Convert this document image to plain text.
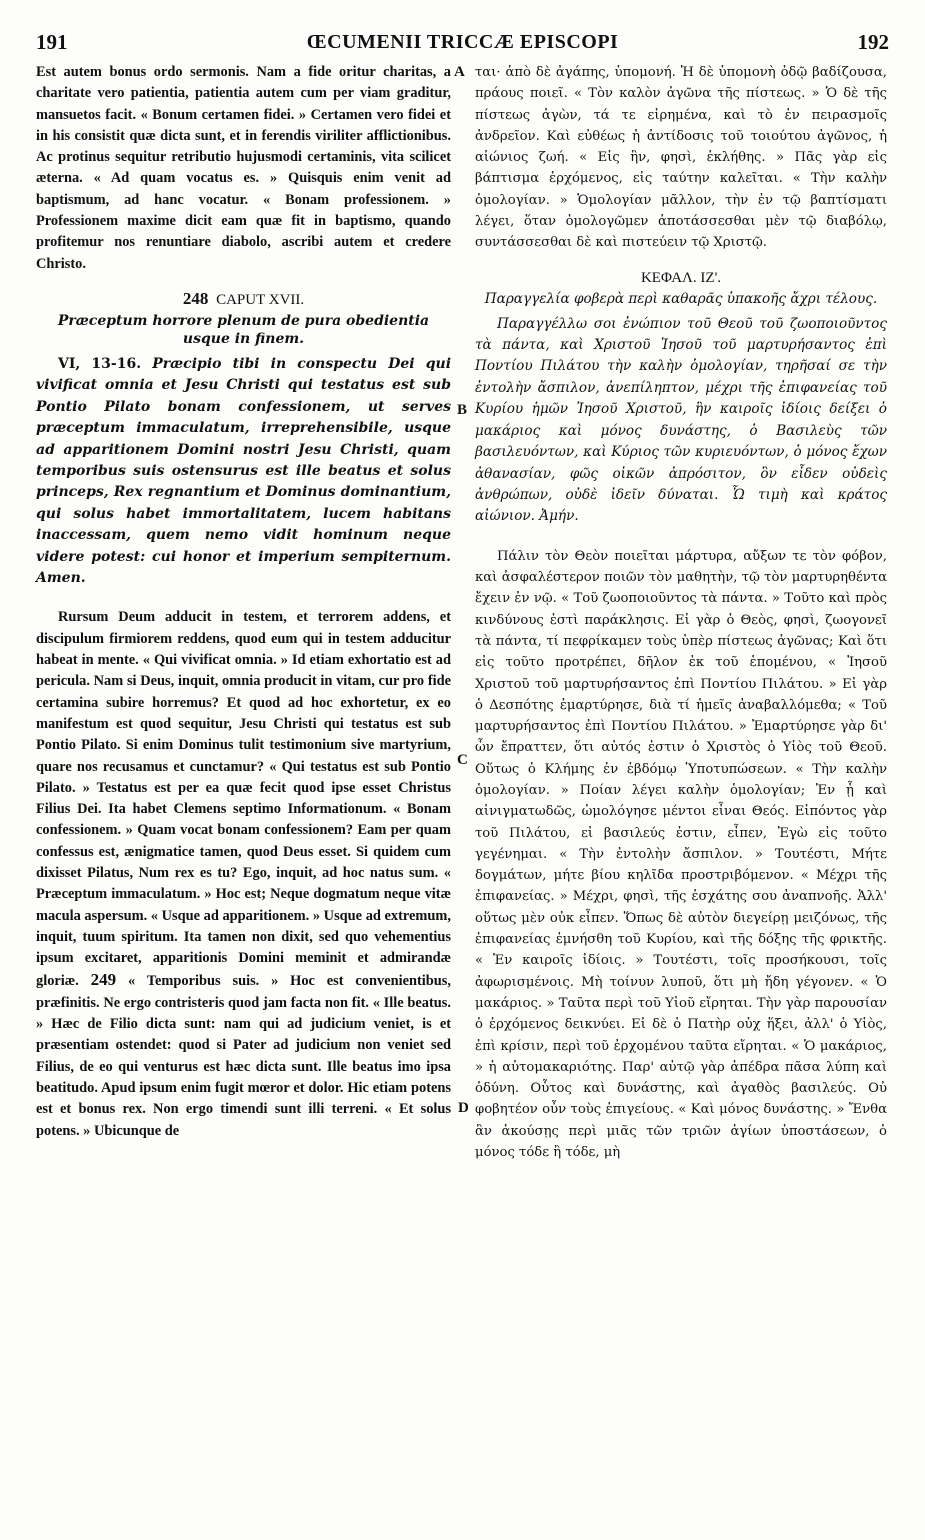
191	ŒCUMENII TRICCÆ EPISCOPI	192
A
B
C
D
Est autem bonus ordo sermonis. Nam a fide oritur charitas, a charitate vero patientia, patientia autem cum per viam graditur, mansuetos facit. « Bonum certamen fidei. » Certamen vero fidei et in his consistit quæ dicta sunt, et in ferendis viriliter afflictionibus. Ac protinus sequitur retributio hujusmodi certaminis, vita scilicet æterna. « Ad quam vocatus es. » Quisquis enim venit ad baptismum, ad hanc vocatur. « Bonam professionem. » Professionem maxime dicit eam quæ fit in baptismo, quando profitemur nos renuntiare diabolo, ascribi autem et credere Christo.
248 CAPUT XVII.
Præceptum horrore plenum de pura obedientia usque in finem.
VI, 13-16. Præcipio tibi in conspectu Dei qui vivificat omnia et Jesu Christi qui testatus est sub Pontio Pilato bonam confessionem, ut serves præceptum immaculatum, irreprehensibile, usque ad apparitionem Domini nostri Jesu Christi, quam temporibus suis ostensurus est ille beatus et solus princeps, Rex regnantium et Dominus dominantium, qui solus habet immortalitatem, lucem habitans inaccessam, quem nemo vidit hominum neque videre potest: cui honor et imperium sempiternum. Amen.
Rursum Deum adducit in testem, et terrorem addens, et discipulum firmiorem reddens, quod eum qui in testem adducitur habeat in mente. « Qui vivificat omnia. » Id etiam exhortatio est ad pericula. Nam si Deus, inquit, omnia producit in vitam, cur pro fide certamina subire horremus? Et quod ad hoc exhortetur, ex eo manifestum est quod sequitur, Jesu Christi qui testatus est sub Pontio Pilato. Si enim Dominus tulit testimonium sive martyrium, quare nos recusamus et cunctamur? « Qui testatus est sub Pontio Pilato. » Testatus est per ea quæ fecit quod ipse esset Christus Filius Dei. Ita habet Clemens septimo Informationum. « Bonam confessionem. » Quam vocat bonam confessionem? Eam per quam confessus est, ænigmatice tamen, quod Deus esset. Si quidem cum dixisset Pilatus, Num rex es tu? Ego, inquit, ad hoc natus sum. « Præceptum immaculatum. » Hoc est; Neque dogmatum neque vitæ macula aspersum. « Usque ad apparitionem. » Usque ad extremum, inquit, tuum spiritum. Ita tamen non dixit, sed quo vehementius ipsum excitaret, apparitionis Domini meminit et admirandæ gloriæ. 249 « Temporibus suis. » Hoc est convenientibus, præfinitis. Ne ergo contristeris quod jam facta non fit. « Ille beatus. » Hæc de Filio dicta sunt: nam qui ad judicium veniet, is et præsentiam ostendet: quod si Pater ad judicium non veniet sed Filius, de eo qui venturus est hæc dicta sunt. Ille beatus imo ipsa beatitudo. Apud ipsum enim fugit mœror et dolor. Hic etiam potens est et bonus rex. Non ergo timendi sunt illi terreni. « Et solus potens. » Ubicunque de
ται· ἀπὸ δὲ ἀγάπης, ὑπομονή. Ἡ δὲ ὑπομονὴ ὁδῷ βαδίζουσα, πράους ποιεῖ. « Τὸν καλὸν ἀγῶνα τῆς πίστεως. » Ὁ δὲ τῆς πίστεως ἀγὼν, τά τε εἰρημένα, καὶ τὸ ἐν πειρασμοῖς ἀνδρεῖον. Καὶ εὐθέως ἡ ἀντίδοσις τοῦ τοιούτου ἀγῶνος, ἡ αἰώνιος ζωή. « Εἰς ἣν, φησὶ, ἐκλήθης. » Πᾶς γὰρ εἰς βάπτισμα ἐρχόμενος, εἰς ταύτην καλεῖται. « Τὴν καλὴν ὁμολογίαν. » Ὁμολογίαν μᾶλλον, τὴν ἐν τῷ βαπτίσματι λέγει, ὅταν ὁμολογῶμεν ἀποτάσσεσθαι μὲν τῷ διαβόλῳ, συντάσσεσθαι δὲ καὶ πιστεύειν τῷ Χριστῷ.
ΚΕΦΑΛ. ΙΖ'.
Παραγγελία φοβερὰ περὶ καθαρᾶς ὑπακοῆς ἄχρι τέλους.
Παραγγέλλω σοι ἐνώπιον τοῦ Θεοῦ τοῦ ζωοποιοῦντος τὰ πάντα, καὶ Χριστοῦ Ἰησοῦ τοῦ μαρτυρήσαντος ἐπὶ Ποντίου Πιλάτου τὴν καλὴν ὁμολογίαν, τηρῆσαί σε τὴν ἐντολὴν ἄσπιλον, ἀνεπίληπτον, μέχρι τῆς ἐπιφανείας τοῦ Κυρίου ἡμῶν Ἰησοῦ Χριστοῦ, ἣν καιροῖς ἰδίοις δείξει ὁ μακάριος καὶ μόνος δυνάστης, ὁ Βασιλεὺς τῶν βασιλευόντων, καὶ Κύριος τῶν κυριευόντων, ὁ μόνος ἔχων ἀθανασίαν, φῶς οἰκῶν ἀπρόσιτον, ὃν εἶδεν οὐδεὶς ἀνθρώπων, οὐδὲ ἰδεῖν δύναται. Ὧ τιμὴ καὶ κράτος αἰώνιον. Ἀμήν.
Πάλιν τὸν Θεὸν ποιεῖται μάρτυρα, αὔξων τε τὸν φόβον, καὶ ἀσφαλέστερον ποιῶν τὸν μαθητὴν, τῷ τὸν μαρτυρηθέντα ἔχειν ἐν νῷ. « Τοῦ ζωοποιοῦντος τὰ πάντα. » Τοῦτο καὶ πρὸς κινδύνους ἐστὶ παράκλησις. Εἰ γὰρ ὁ Θεὸς, φησὶ, ζωογονεῖ τὰ πάντα, τί πεφρίκαμεν τοὺς ὑπὲρ πίστεως ἀγῶνας; Καὶ ὅτι εἰς τοῦτο προτρέπει, δῆλον ἐκ τοῦ ἑπομένου, « Ἰησοῦ Χριστοῦ τοῦ μαρτυρήσαντος ἐπὶ Ποντίου Πιλάτου. » Εἰ γὰρ ὁ Δεσπότης ἐμαρτύρησε, διὰ τί ἡμεῖς ἀναβαλλόμεθα; « Τοῦ μαρτυρήσαντος ἐπὶ Ποντίου Πιλάτου. » Ἐμαρτύρησε γὰρ δι' ὧν ἔπραττεν, ὅτι αὐτός ἐστιν ὁ Χριστὸς ὁ Υἱὸς τοῦ Θεοῦ. Οὕτως ὁ Κλήμης ἐν ἑβδόμῳ Ὑποτυπώσεων. « Τὴν καλὴν ὁμολογίαν. » Ποίαν λέγει καλὴν ὁμολογίαν; Ἐν ᾗ καὶ αἰνιγματωδῶς, ὡμολόγησε μέντοι εἶναι Θεός. Εἰπόντος γὰρ τοῦ Πιλάτου, εἰ βασιλεύς ἐστιν, εἶπεν, Ἐγὼ εἰς τοῦτο γεγένημαι. « Τὴν ἐντολὴν ἄσπιλον. » Τουτέστι, Μήτε δογμάτων, μήτε βίου κηλῖδα προστριβόμενον. « Μέχρι τῆς ἐπιφανείας. » Μέχρι, φησὶ, τῆς ἐσχάτης σου ἀναπνοῆς. Ἀλλ' οὕτως μὲν οὐκ εἶπεν. Ὅπως δὲ αὐτὸν διεγείρῃ μειζόνως, τῆς ἐπιφανείας ἐμνήσθη τοῦ Κυρίου, καὶ τῆς δόξης τῆς φρικτῆς. « Ἐν καιροῖς ἰδίοις. » Τουτέστι, τοῖς προσήκουσι, τοῖς ἀφωρισμένοις. Μὴ τοίνυν λυποῦ, ὅτι μὴ ἤδη γέγονεν. « Ὁ μακάριος. » Ταῦτα περὶ τοῦ Υἱοῦ εἴρηται. Τὴν γὰρ παρουσίαν ὁ ἐρχόμενος δεικνύει. Εἰ δὲ ὁ Πατὴρ οὐχ ἥξει, ἀλλ' ὁ Υἱὸς, ἐπὶ κρίσιν, περὶ τοῦ ἐρχομένου ταῦτα εἴρηται. « Ὁ μακάριος, » ἡ αὐτομακαριότης. Παρ' αὐτῷ γὰρ ἀπέδρα πᾶσα λύπη καὶ ὀδύνη. Οὗτος καὶ δυνάστης, καὶ ἀγαθὸς βασιλεύς. Οὐ φοβητέον οὖν τοὺς ἐπιγείους. « Καὶ μόνος δυνάστης. » Ἔνθα ἂν ἀκούσῃς περὶ μιᾶς τῶν τριῶν ἁγίων ὑποστάσεων, ὁ μόνος τόδε ἢ τόδε, μὴ
